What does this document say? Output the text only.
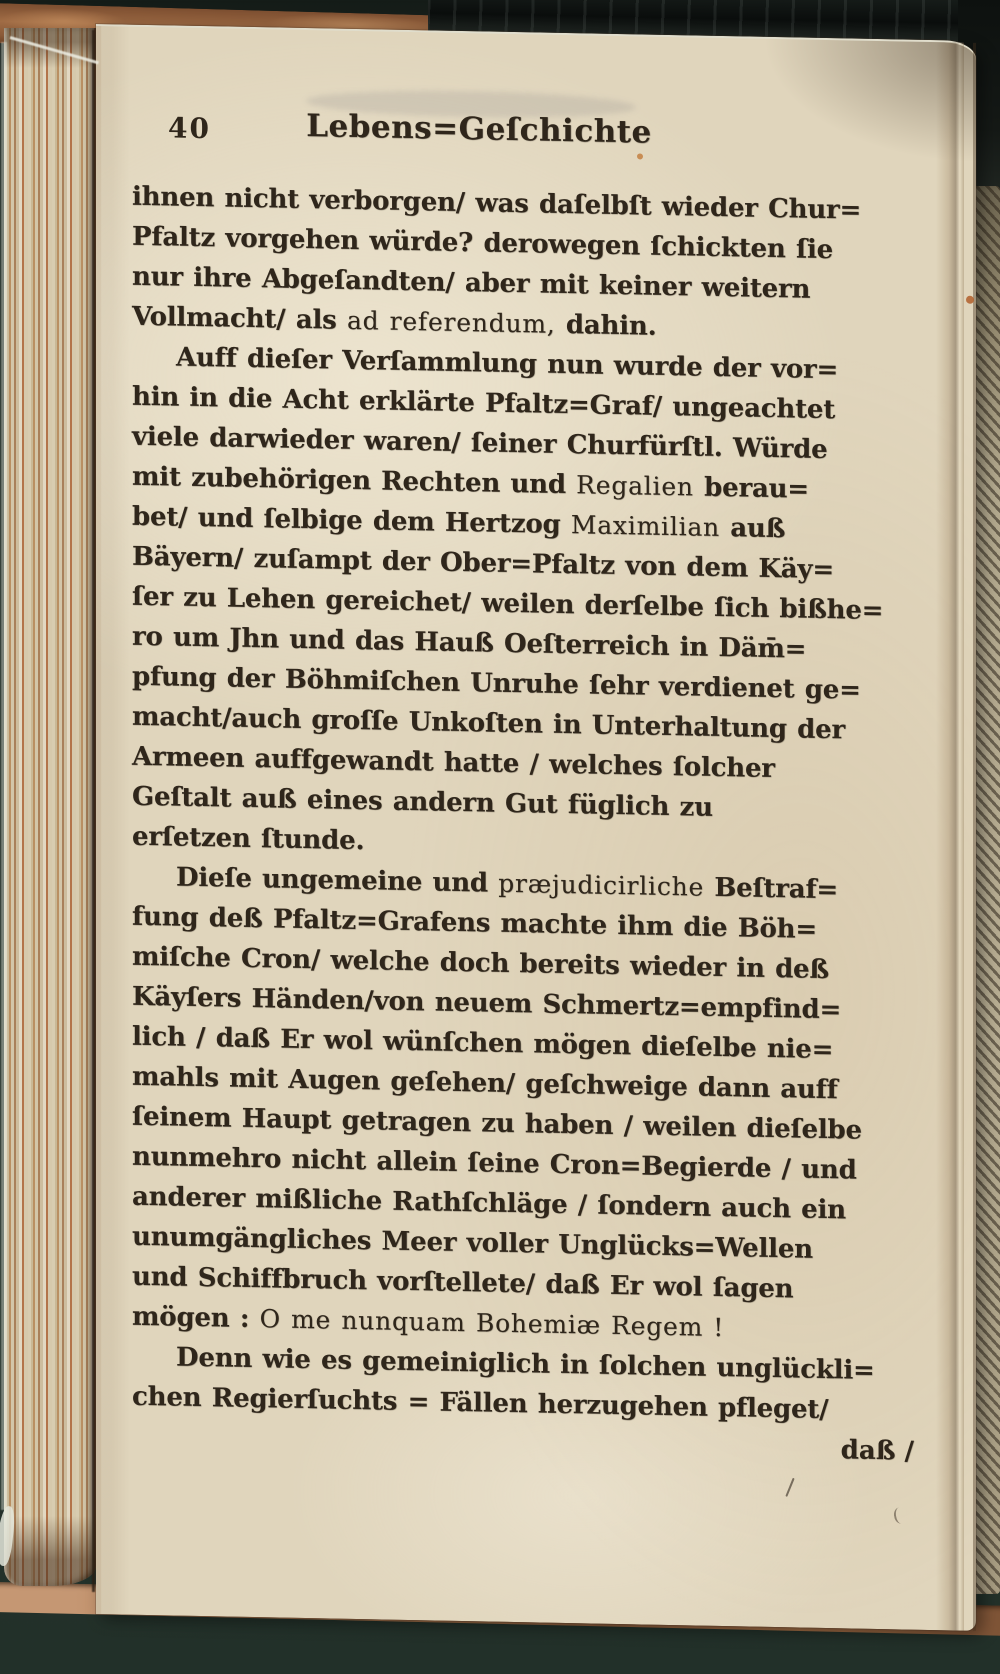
40	Lebens=Geſchichte
ihnen nicht verborgen/ was daſelbſt wieder Chur=
Pfaltz vorgehen würde? derowegen ſchickten ſie
nur ihre Abgeſandten/ aber mit keiner weitern
Vollmacht/ als ad referendum, dahin.
Auff dieſer Verſammlung nun wurde der vor=
hin in die Acht erklärte Pfaltz=Graf/ ungeachtet
viele darwieder waren/ ſeiner Churfürſtl. Würde
mit zubehörigen Rechten und Regalien berau=
bet/ und ſelbige dem Hertzog Maximilian auß
Bäyern/ zuſampt der Ober=Pfaltz von dem Käy=
ſer zu Lehen gereichet/ weilen derſelbe ſich bißhe=
ro um Jhn und das Hauß Oeſterreich in Däm̄=
pfung der Böhmiſchen Unruhe ſehr verdienet ge=
macht/auch groſſe Unkoſten in Unterhaltung der
Armeen auffgewandt hatte / welches ſolcher
Geſtalt auß eines andern Gut füglich zu
erſetzen ſtunde.
Dieſe ungemeine und præjudicirliche Beſtraf=
fung deß Pfaltz=Grafens machte ihm die Böh=
miſche Cron/ welche doch bereits wieder in deß
Käyſers Händen/von neuem Schmertz=empfind=
lich / daß Er wol wünſchen mögen dieſelbe nie=
mahls mit Augen geſehen/ geſchweige dann auff
ſeinem Haupt getragen zu haben / weilen dieſelbe
nunmehro nicht allein ſeine Cron=Begierde / und
anderer mißliche Rathſchläge / ſondern auch ein
unumgängliches Meer voller Unglücks=Wellen
und Schiffbruch vorſtellete/ daß Er wol ſagen
mögen : O me nunquam Bohemiæ Regem !
Denn wie es gemeiniglich in ſolchen unglückli=
chen Regierſuchts = Fällen herzugehen pfleget/
daß /
